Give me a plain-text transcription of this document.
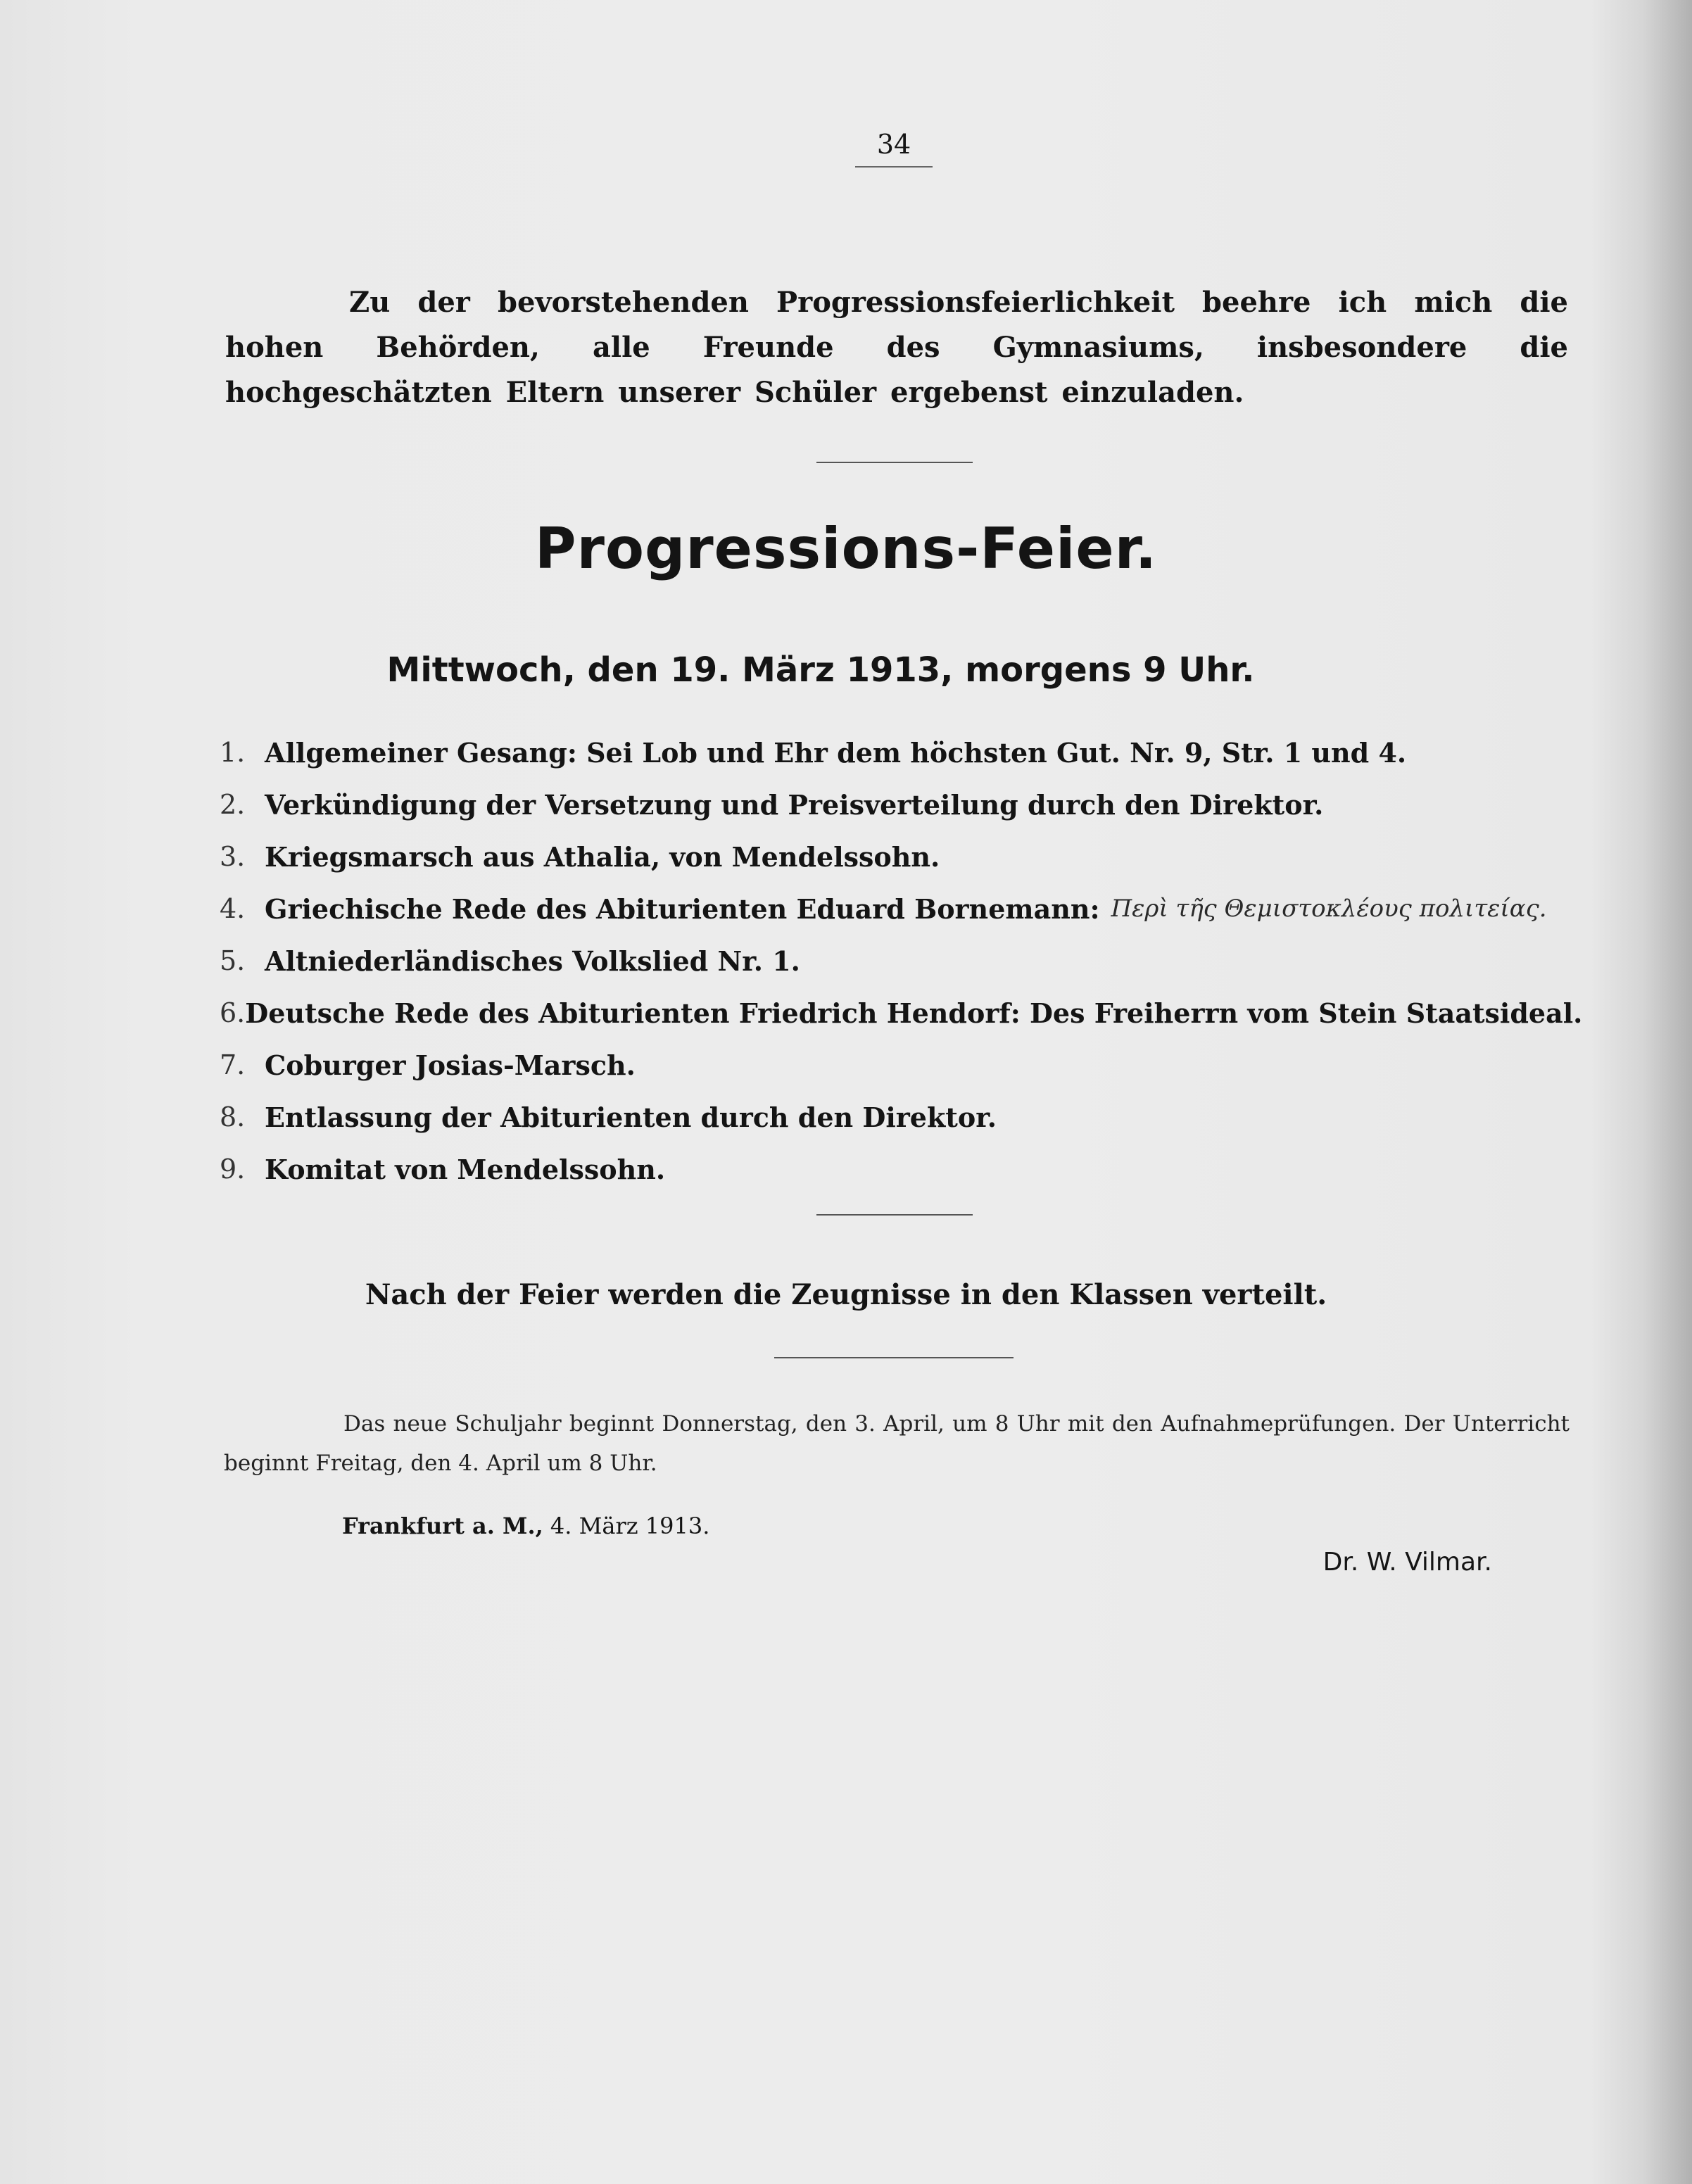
34

Zu der bevorstehenden Progressionsfeierlichkeit beehre ich mich die hohen Behörden, alle Freunde des Gymnasiums, insbesondere die hochgeschätzten Eltern unserer Schüler ergebenst einzuladen.

Progressions-Feier.
Mittwoch, den 19. März 1913, morgens 9 Uhr.
1. Allgemeiner Gesang: Sei Lob und Ehr dem höchsten Gut. Nr. 9, Str. 1 und 4.
2. Verkündigung der Versetzung und Preisverteilung durch den Direktor.
3. Kriegsmarsch aus Athalia, von Mendelssohn.
4. Griechische Rede des Abiturienten Eduard Bornemann: Περὶ τῆς Θεμιστοκλέους πολιτείας.
5. Altniederländisches Volkslied Nr. 1.
6. Deutsche Rede des Abiturienten Friedrich Hendorf: Des Freiherrn vom Stein Staatsideal.
7. Coburger Josias-Marsch.
8. Entlassung der Abiturienten durch den Direktor.
9. Komitat von Mendelssohn.
Nach der Feier werden die Zeugnisse in den Klassen verteilt.

Das neue Schuljahr beginnt Donnerstag, den 3. April, um 8 Uhr mit den Aufnahmeprüfungen. Der Unterricht beginnt Freitag, den 4. April um 8 Uhr.

Frankfurt a. M., 4. März 1913.
Dr. W. Vilmar.
